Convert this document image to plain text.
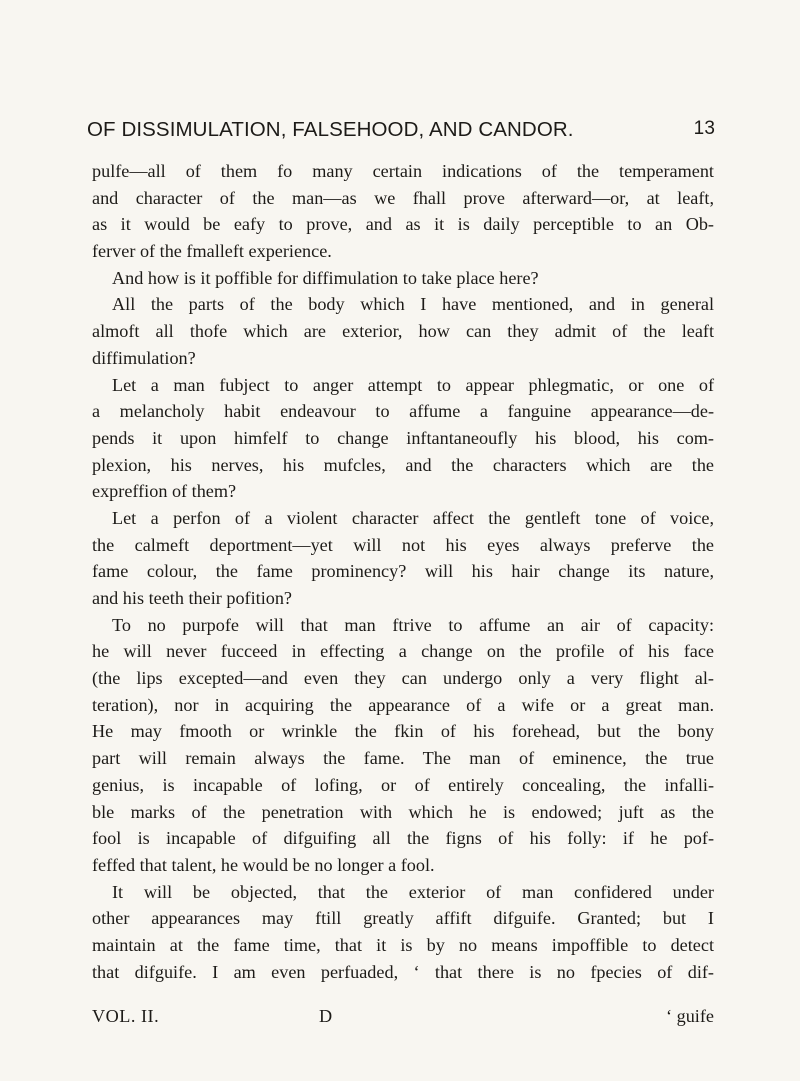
OF DISSIMULATION, FALSEHOOD, AND CANDOR.	13
pulfe—all of them fo many certain indications of the temperament
and character of the man—as we fhall prove afterward—or, at leaft,
as it would be eafy to prove, and as it is daily perceptible to an Ob-
ferver of the fmalleft experience.
And how is it poffible for diffimulation to take place here?
All the parts of the body which I have mentioned, and in general
almoft all thofe which are exterior, how can they admit of the leaft
diffimulation?
Let a man fubject to anger attempt to appear phlegmatic, or one of
a melancholy habit endeavour to affume a fanguine appearance—de-
pends it upon himfelf to change inftantaneoufly his blood, his com-
plexion, his nerves, his mufcles, and the characters which are the
expreffion of them?
Let a perfon of a violent character affect the gentleft tone of voice,
the calmeft deportment—yet will not his eyes always preferve the
fame colour, the fame prominency? will his hair change its nature,
and his teeth their pofition?
To no purpofe will that man ftrive to affume an air of capacity:
he will never fucceed in effecting a change on the profile of his face
(the lips excepted—and even they can undergo only a very flight al-
teration), nor in acquiring the appearance of a wife or a great man.
He may fmooth or wrinkle the fkin of his forehead, but the bony
part will remain always the fame. The man of eminence, the true
genius, is incapable of lofing, or of entirely concealing, the infalli-
ble marks of the penetration with which he is endowed; juft as the
fool is incapable of difguifing all the figns of his folly: if he pof-
feffed that talent, he would be no longer a fool.
It will be objected, that the exterior of man confidered under
other appearances may ftill greatly affift difguife. Granted; but I
maintain at the fame time, that it is by no means impoffible to detect
that difguife. I am even perfuaded, ‘ that there is no fpecies of dif-
VOL. II.	D	‘ guife
